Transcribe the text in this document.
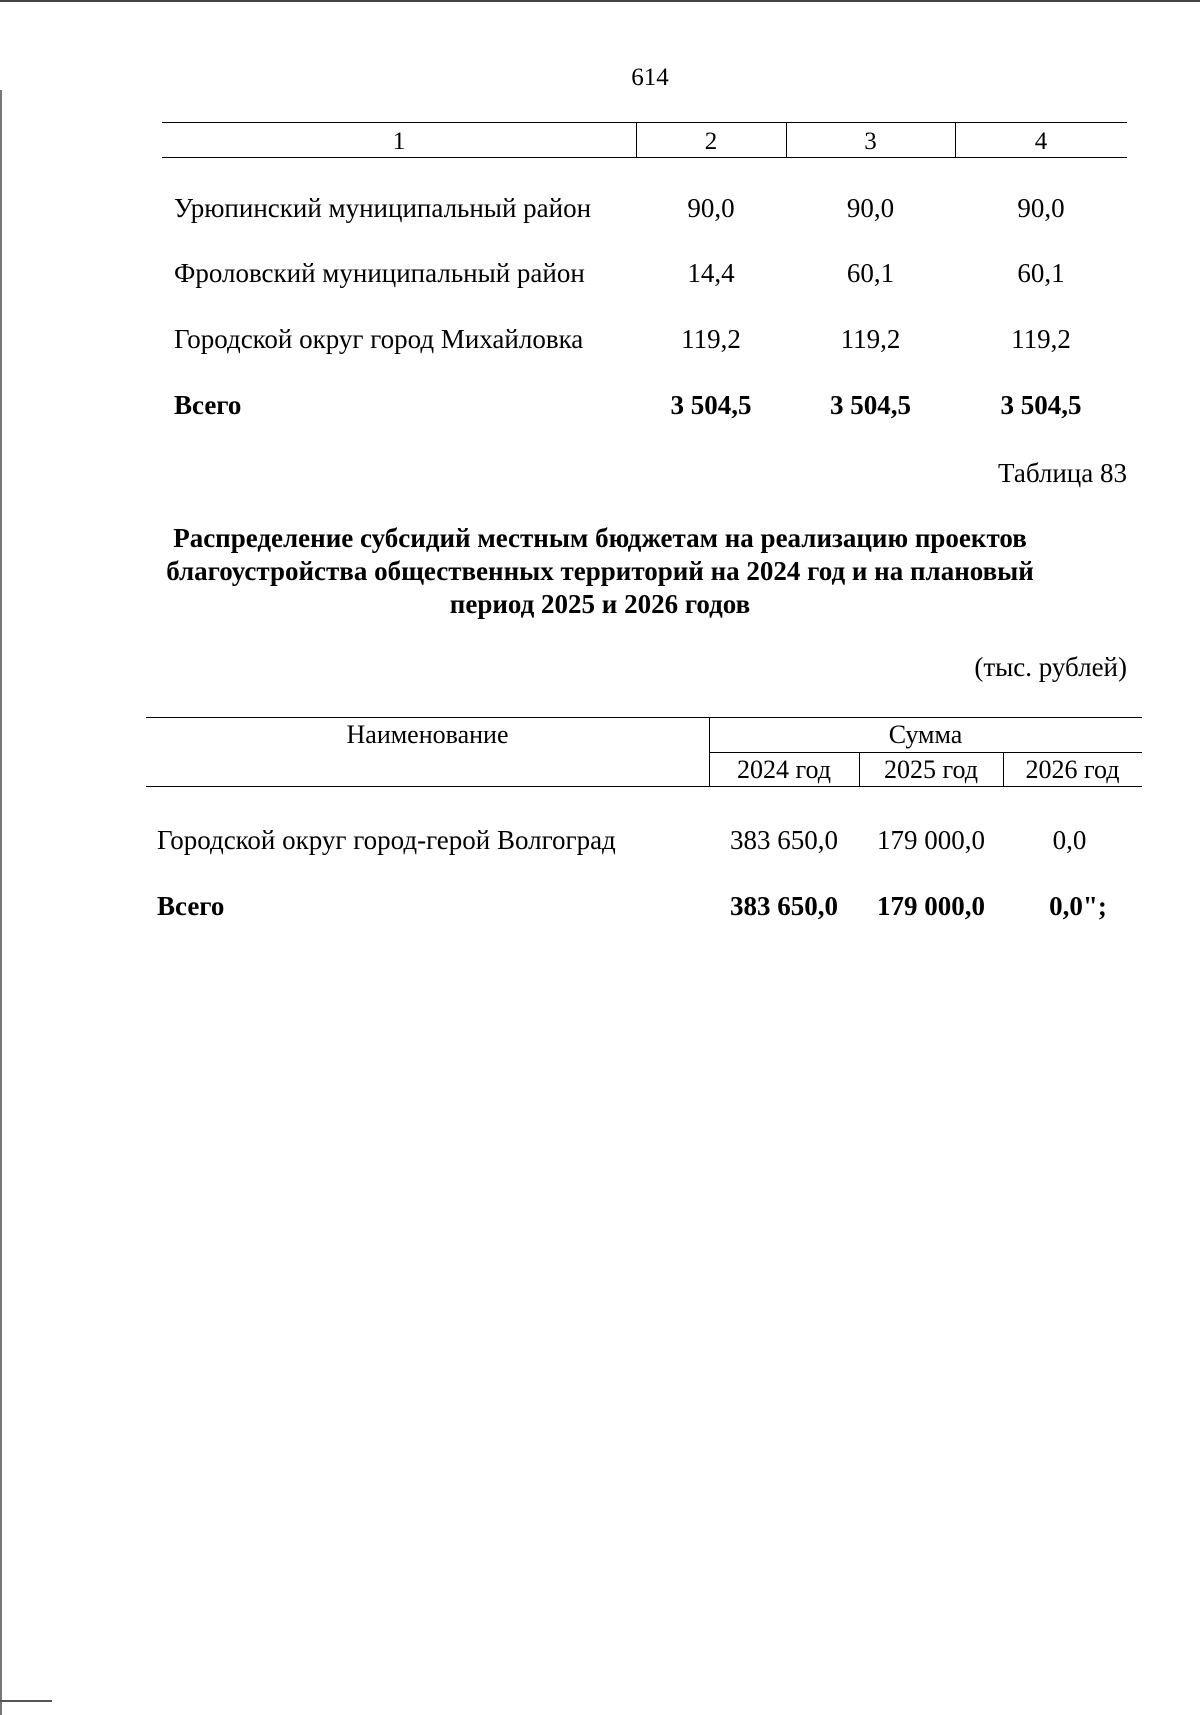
614
1	2	3	4
Урюпинский муниципальный район	90,0	90,0	90,0
Фроловский муниципальный район	14,4	60,1	60,1
Городской округ город Михайловка	119,2	119,2	119,2
Всего	3 504,5	3 504,5	3 504,5
Таблица 83
Распределение субсидий местным бюджетам на реализацию проектов
благоустройства общественных территорий на 2024 год и на плановый
период 2025 и 2026 годов
(тыс. рублей)
Наименование	Сумма
2024 год	2025 год	2026 год
Городской округ город-герой Волгоград	383 650,0	179 000,0	0,0
Всего	383 650,0	179 000,0	0,0";
